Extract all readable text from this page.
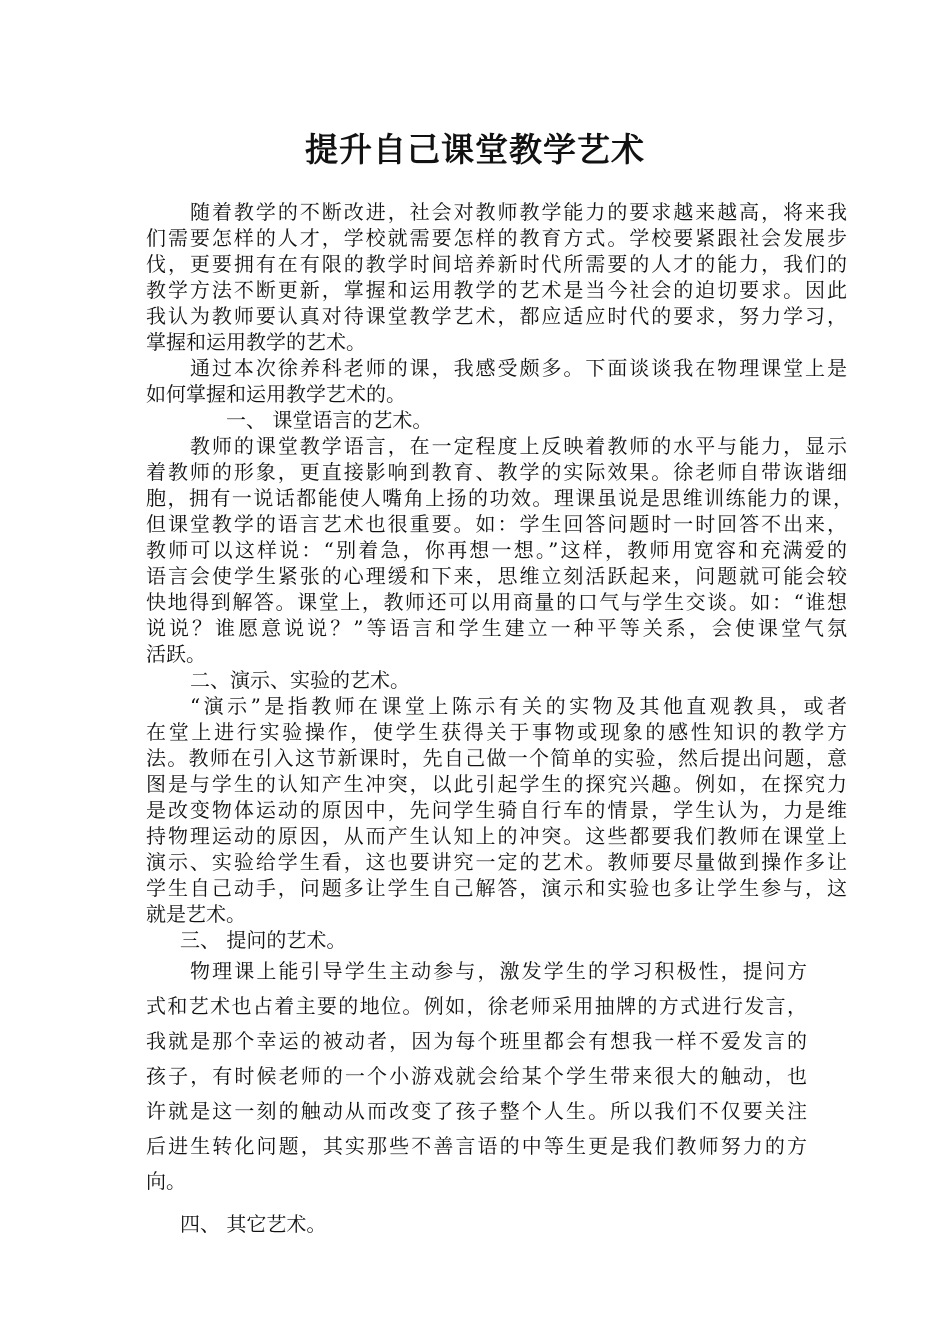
提升自己课堂教学艺术

随着教学的不断改进，社会对教师教学能力的要求越来越高，将来我

们需要怎样的人才，学校就需要怎样的教育方式。学校要紧跟社会发展步

伐，更要拥有在有限的教学时间培养新时代所需要的人才的能力，我们的

教学方法不断更新，掌握和运用教学的艺术是当今社会的迫切要求。因此

我认为教师要认真对待课堂教学艺术，都应适应时代的要求，努力学习，

掌握和运用教学的艺术。

通过本次徐养科老师的课，我感受颇多。下面谈谈我在物理课堂上是

如何掌握和运用教学艺术的。

一、 课堂语言的艺术。

教师的课堂教学语言，在一定程度上反映着教师的水平与能力，显示

着教师的形象，更直接影响到教育、教学的实际效果。徐老师自带诙谐细

胞，拥有一说话都能使人嘴角上扬的功效。理课虽说是思维训练能力的课，

但课堂教学的语言艺术也很重要。如：学生回答问题时一时回答不出来，

教师可以这样说：“别着急，你再想一想。”这样，教师用宽容和充满爱的

语言会使学生紧张的心理缓和下来，思维立刻活跃起来，问题就可能会较

快地得到解答。课堂上，教师还可以用商量的口气与学生交谈。如：“谁想

说说？谁愿意说说？”等语言和学生建立一种平等关系，会使课堂气氛

活跃。

二、演示、实验的艺术。

“演示”是指教师在课堂上陈示有关的实物及其他直观教具，或者

在堂上进行实验操作，使学生获得关于事物或现象的感性知识的教学方

法。教师在引入这节新课时，先自己做一个简单的实验，然后提出问题，意

图是与学生的认知产生冲突，以此引起学生的探究兴趣。例如，在探究力

是改变物体运动的原因中，先问学生骑自行车的情景，学生认为，力是维

持物理运动的原因，从而产生认知上的冲突。这些都要我们教师在课堂上

演示、实验给学生看，这也要讲究一定的艺术。教师要尽量做到操作多让

学生自己动手，问题多让学生自己解答，演示和实验也多让学生参与，这

就是艺术。

三、 提问的艺术。

物理课上能引导学生主动参与，激发学生的学习积极性，提问方

式和艺术也占着主要的地位。例如，徐老师采用抽牌的方式进行发言，

我就是那个幸运的被动者，因为每个班里都会有想我一样不爱发言的

孩子，有时候老师的一个小游戏就会给某个学生带来很大的触动，也

许就是这一刻的触动从而改变了孩子整个人生。所以我们不仅要关注

后进生转化问题，其实那些不善言语的中等生更是我们教师努力的方

向。

四、 其它艺术。
